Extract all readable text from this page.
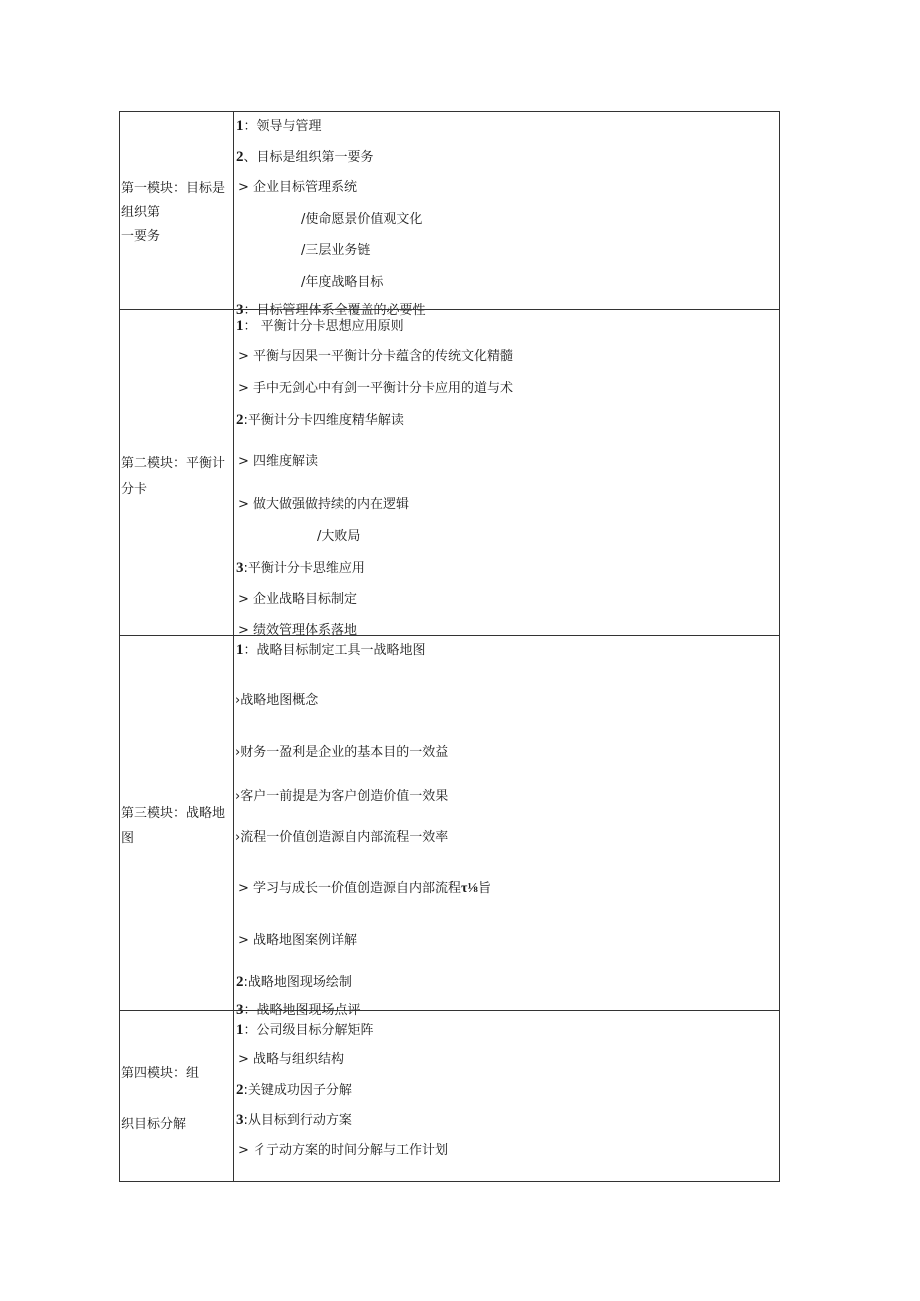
第一模块：目标是
组织第
一要务
1：领导与管理
2、目标是组织第一要务
> 企业目标管理系统
/使命愿景价值观文化
/三层业务链
/年度战略目标
3：目标管理体系全覆盖的必要性
第二模块：平衡计
分卡
1： 平衡计分卡思想应用原则
> 平衡与因果一平衡计分卡蕴含的传统文化精髓
> 手中无剑心中有剑一平衡计分卡应用的道与术
2:平衡计分卡四维度精华解读
> 四维度解读
> 做大做强做持续的内在逻辑
/大败局
3:平衡计分卡思维应用
> 企业战略目标制定
> 绩效管理体系落地
第三模块：战略地
图
1：战略目标制定工具一战略地图
›战略地图概念
›财务一盈利是企业的基本目的一效益
›客户一前提是为客户创造价值一效果
›流程一价值创造源自内部流程一效率
> 学习与成长一价值创造源自内部流程τ⅛旨
> 战略地图案例详解
2:战略地图现场绘制
3：战略地图现场点评
第四模块：组
织目标分解
1：公司级目标分解矩阵
> 战略与组织结构
2:关键成功因子分解
3:从目标到行动方案
> 彳亍动方案的时间分解与工作计划
